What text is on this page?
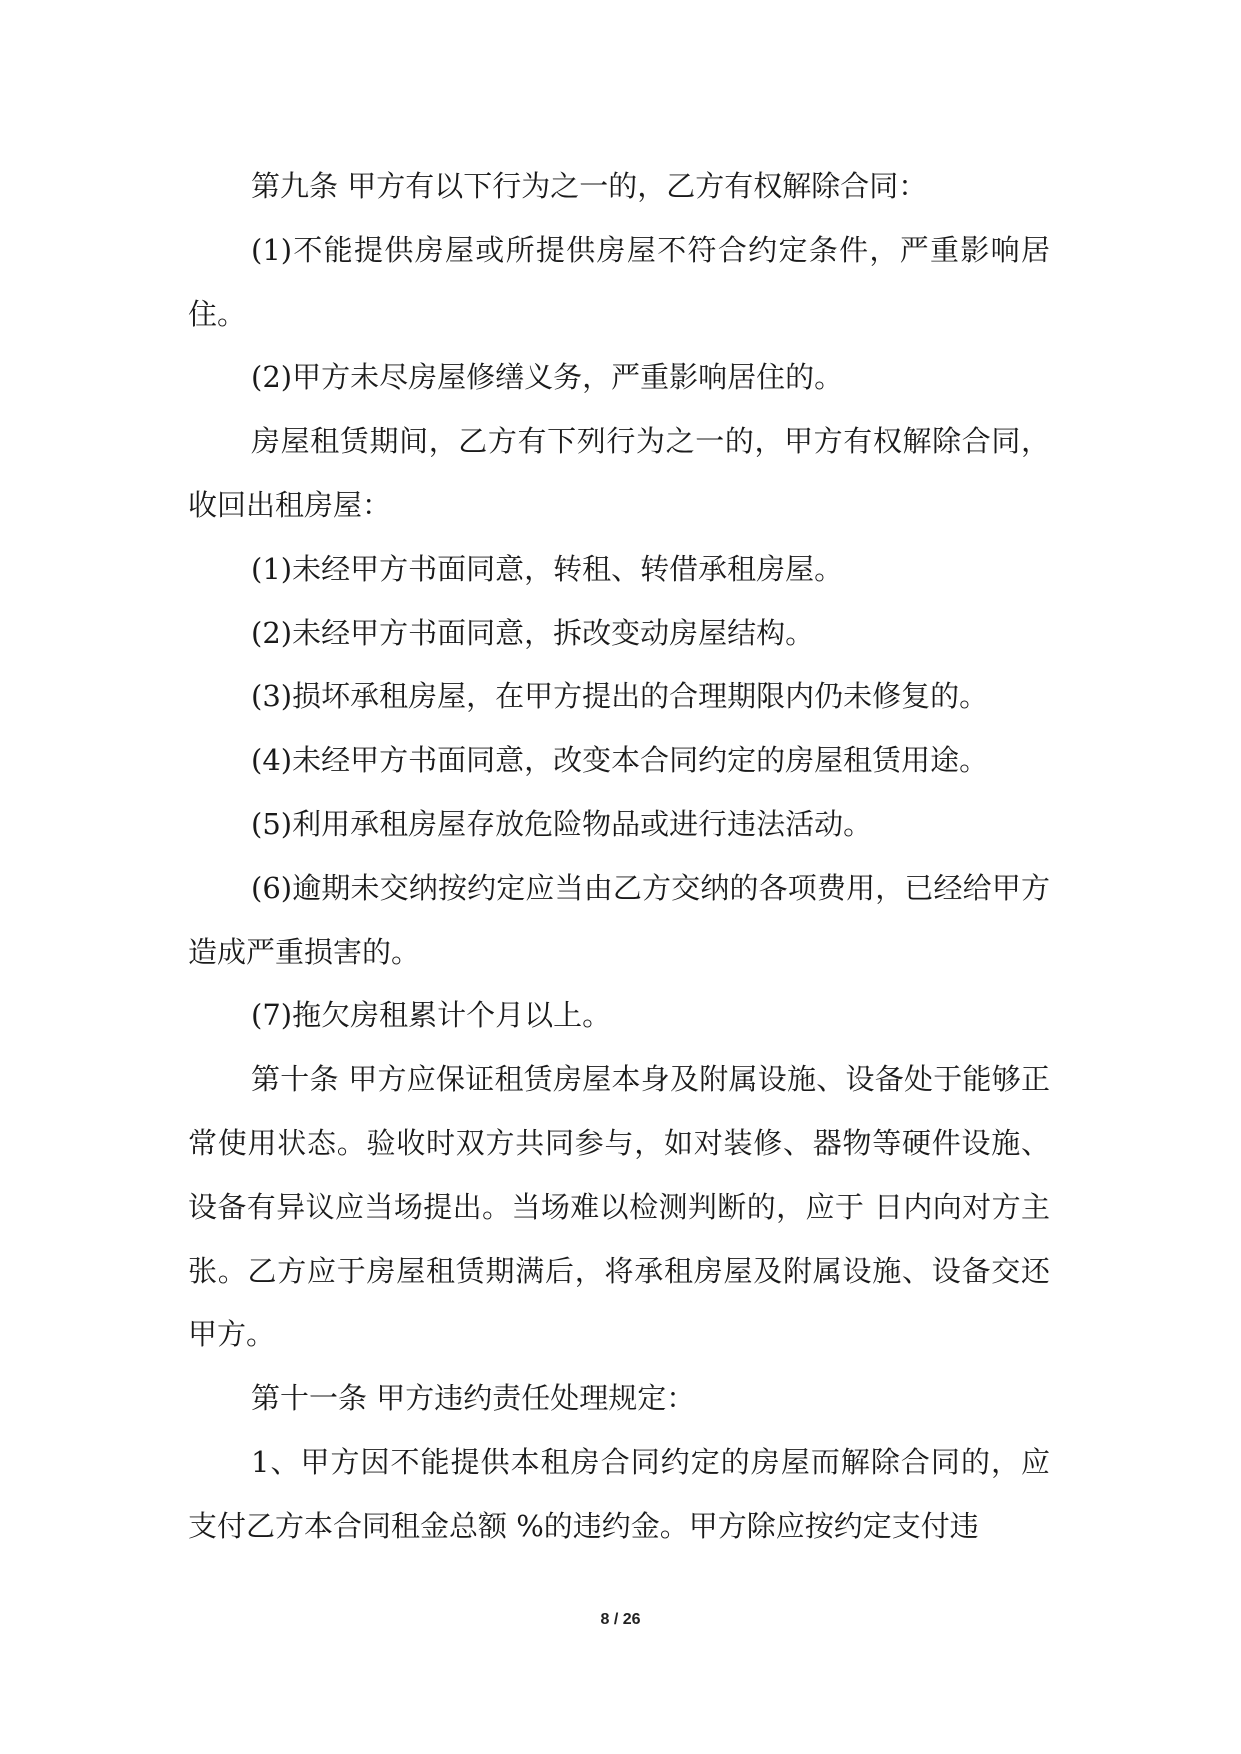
第九条 甲方有以下行为之一的，乙方有权解除合同：

(1)不能提供房屋或所提供房屋不符合约定条件，严重影响居住。

(2)甲方未尽房屋修缮义务，严重影响居住的。

房屋租赁期间，乙方有下列行为之一的，甲方有权解除合同，收回出租房屋：

(1)未经甲方书面同意，转租、转借承租房屋。

(2)未经甲方书面同意，拆改变动房屋结构。

(3)损坏承租房屋，在甲方提出的合理期限内仍未修复的。

(4)未经甲方书面同意，改变本合同约定的房屋租赁用途。

(5)利用承租房屋存放危险物品或进行违法活动。

(6)逾期未交纳按约定应当由乙方交纳的各项费用，已经给甲方造成严重损害的。

(7)拖欠房租累计个月以上。

第十条 甲方应保证租赁房屋本身及附属设施、设备处于能够正常使用状态。验收时双方共同参与，如对装修、器物等硬件设施、设备有异议应当场提出。当场难以检测判断的，应于 日内向对方主张。乙方应于房屋租赁期满后，将承租房屋及附属设施、设备交还甲方。

第十一条 甲方违约责任处理规定：

1、甲方因不能提供本租房合同约定的房屋而解除合同的，应支付乙方本合同租金总额 %的违约金。甲方除应按约定支付违

8 / 26
